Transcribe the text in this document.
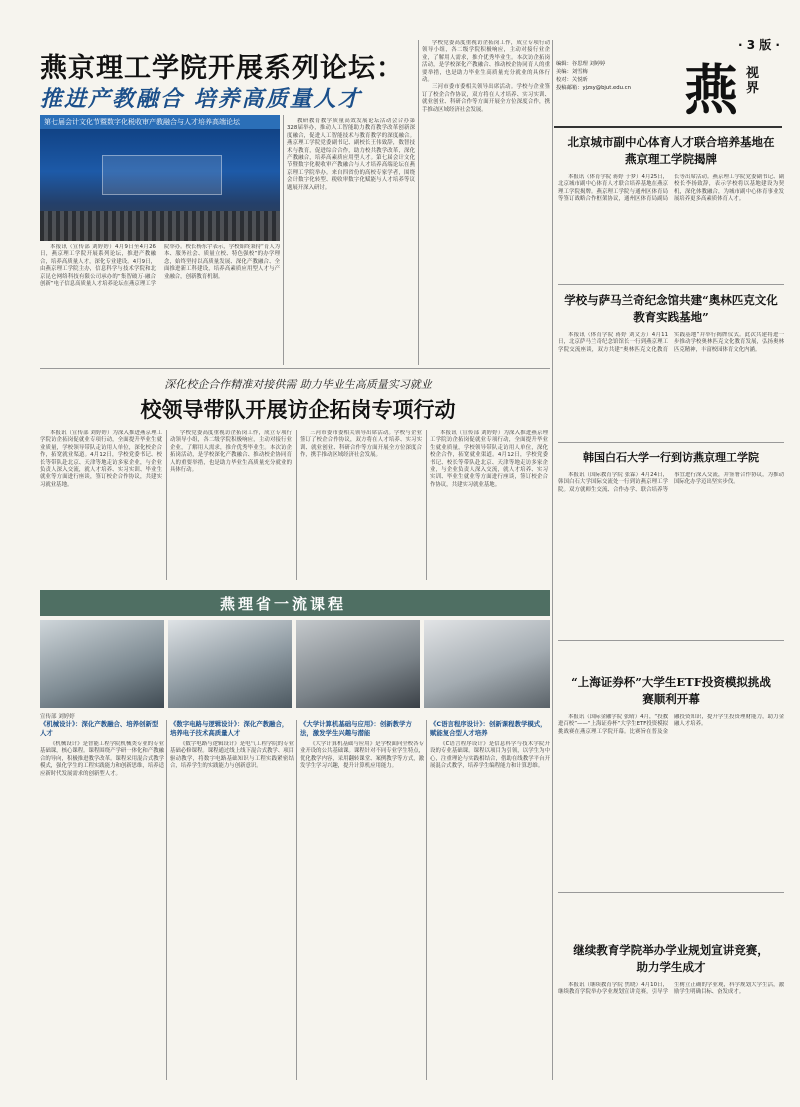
· 3 版 ·
燕 视界
编辑：谷思理 刘婷婷
美编：刘雪梅
校对：关悦昕
投稿邮箱：yjzsy@bjut.edu.cn
燕京理工学院开展系列论坛：
推进产教融合 培养高质量人才
第七届会计文化节暨数字化税收审产教融合与人才培养高端论坛

本报讯（宣传部 刘婷婷）4月9日至4月26日，燕京理工学院开展系列论坛，推进产教融合，培养高质量人才，深化专业建设。4月9日，由燕京理工学院主办，信息科学与技术学院和北京昆仑网络科技有限公司承办的“集智破万·融合创新”电子信息高质量人才培养论坛在燕京理工学院举办。校长杨东宇表示，学校始终秉持“育人为本、服务社会、质量立校、特色强校”的办学理念，始终坚持以高质量发展、深化产教融合、全面推进新工科建设，培养高素质应用型人才与产业融合，创新教育机制。

教研教育教学质量高效发展论坛活动会合办第328届举办，推动人工智能助力教育教学改革创新深度融合，促进人工智能技术与教育教学的深度融合。燕京理工学院党委副书记、副校长王伟致辞，数智技术与教育，促进综合合作，助力校共教学改革，深化产教融合，培养高素质应用型人才。第七届会计文化节暨数字化税收审产教融合与人才培养高端论坛在燕京理工学院举办。来自四省份的高校专家学者，围绕会计数字化转型、税收审数字化赋能与人才培养等议题展开深入研讨。

学校党委高度重视访企拓岗工作，成立专项行动领导小组，各二级学院积极响应，主动对接行业企业，了解用人需求，推介优秀毕业生。本次访企拓岗活动，是学校深化产教融合、推动校企协同育人的重要举措，也是助力毕业生高质量充分就业的具体行动。

三河市委市委相关领导出席活动。学校与企业签订了校企合作协议，双方将在人才培养、实习实训、就业创业、科研合作等方面开展全方位深度合作，携手推动区域经济社会发展。

深化校企合作精准对接供需 助力毕业生高质量实习就业
校领导带队开展访企拓岗专项行动

本报讯（宣传部 刘婷婷）为深入推进燕京理工学院访企拓岗促就业专项行动，全面提升毕业生就业质量，学校领导带队走访用人单位，深化校企合作，拓宽就业渠道。4月12日，学校党委书记、校长等带队赴北京、天津等地走访多家企业，与企业负责人深入交流，就人才培养、实习实训、毕业生就业等方面进行座谈，签订校企合作协议，共建实习就业基地。

学校党委高度重视访企拓岗工作，成立专项行动领导小组，各二级学院积极响应，主动对接行业企业，了解用人需求，推介优秀毕业生。本次访企拓岗活动，是学校深化产教融合、推动校企协同育人的重要举措，也是助力毕业生高质量充分就业的具体行动。

三河市委市委相关领导出席活动。学校与企业签订了校企合作协议，双方将在人才培养、实习实训、就业创业、科研合作等方面开展全方位深度合作，携手推动区域经济社会发展。

本报讯（宣传部 刘婷婷）为深入推进燕京理工学院访企拓岗促就业专项行动，全面提升毕业生就业质量，学校领导带队走访用人单位，深化校企合作，拓宽就业渠道。4月12日，学校党委书记、校长等带队赴北京、天津等地走访多家企业，与企业负责人深入交流，就人才培养、实习实训、毕业生就业等方面进行座谈，签订校企合作协议，共建实习就业基地。

燕理省一流课程
宣传部 刘婷婷
《机械设计》：深化产教融合、培养创新型人才

《机械设计》是智能工程学院机械类专业的专业基础课，核心课程。课程围绕产学研一体化和产教融合的导向，积极推进教学改革。课程采用混合式教学模式，强化学生的工程实践能力和创新思维，培养适应新时代发展需求的创新型人才。

《数字电路与逻辑设计》：深化产教融合，培养电子技术高质量人才

《数字电路与逻辑设计》是电气工程学院的专业基础必修课程。课程通过线上线下混合式教学、项目驱动教学，将数字电路基础知识与工程实践紧密结合，培养学生的实践能力与创新意识。

《大学计算机基础与应用》：创新教学方法，激发学生兴趣与潜能

《大学计算机基础与应用》是学校面向全校各专业开设的公共基础课。课程针对不同专业学生特点，优化教学内容，采用翻转课堂、案例教学等方式，激发学生学习兴趣，提升计算机应用能力。

《C语言程序设计》：创新课程教学模式，赋能复合型人才培养

《C语言程序设计》是信息科学与技术学院开设的专业基础课。课程以项目为引领，以学生为中心，注重理论与实践相结合，借助在线教学平台开展混合式教学，培养学生编程能力和计算思维。

北京城市副中心体育人才联合培养基地在燕京理工学院揭牌

本报讯（体育学院 蒋婷 于梦）4月25日，北京城市副中心体育人才联合培养基地在燕京理工学院揭牌。燕京理工学院与通州区体育局等签订战略合作框架协议，通州区体育局副局长等出席活动。燕京理工学院党委副书记、副校长李扬致辞，表示学校将以基地建设为契机，深化体教融合，为城市副中心体育事业发展培养更多高素质体育人才。

学校与萨马兰奇纪念馆共建“奥林匹克文化教育实践基地”

本报讯（体育学院 蒋婷 刘文芳）4月11日，北京萨马兰奇纪念馆馆长一行到燕京理工学院交流座谈，双方共建“奥林匹克文化教育实践基地”并举行揭牌仪式。此次共建将进一步推动学校奥林匹克文化教育发展，弘扬奥林匹克精神，丰富校园体育文化内涵。

韩国白石大学一行到访燕京理工学院

本报讯（国际教育学院 张霖）4月24日，韩国白石大学国际交流处一行到访燕京理工学院。双方就师生交流、合作办学、联合培养等事宜进行深入交流，并签署合作协议，为推动国际化办学迈出坚实步伐。

“上海证券杯”大学生ETF投资模拟挑战赛顺利开幕

本报讯（国际金融学院 张晴）4月，“投教进百校”——“上海证券杯”大学生ETF投资模拟挑战赛在燕京理工学院开幕。比赛旨在普及金融投资知识，提升学生投资理财能力，助力金融人才培养。

继续教育学院举办学业规划宣讲竞赛，助力学生成才

本报讯（继续教育学院 焦晓）4月10日，继续教育学院举办学业规划宣讲竞赛，引导学生树立正确的学业观，科学规划大学生活，激励学生明确目标、奋发成才。
